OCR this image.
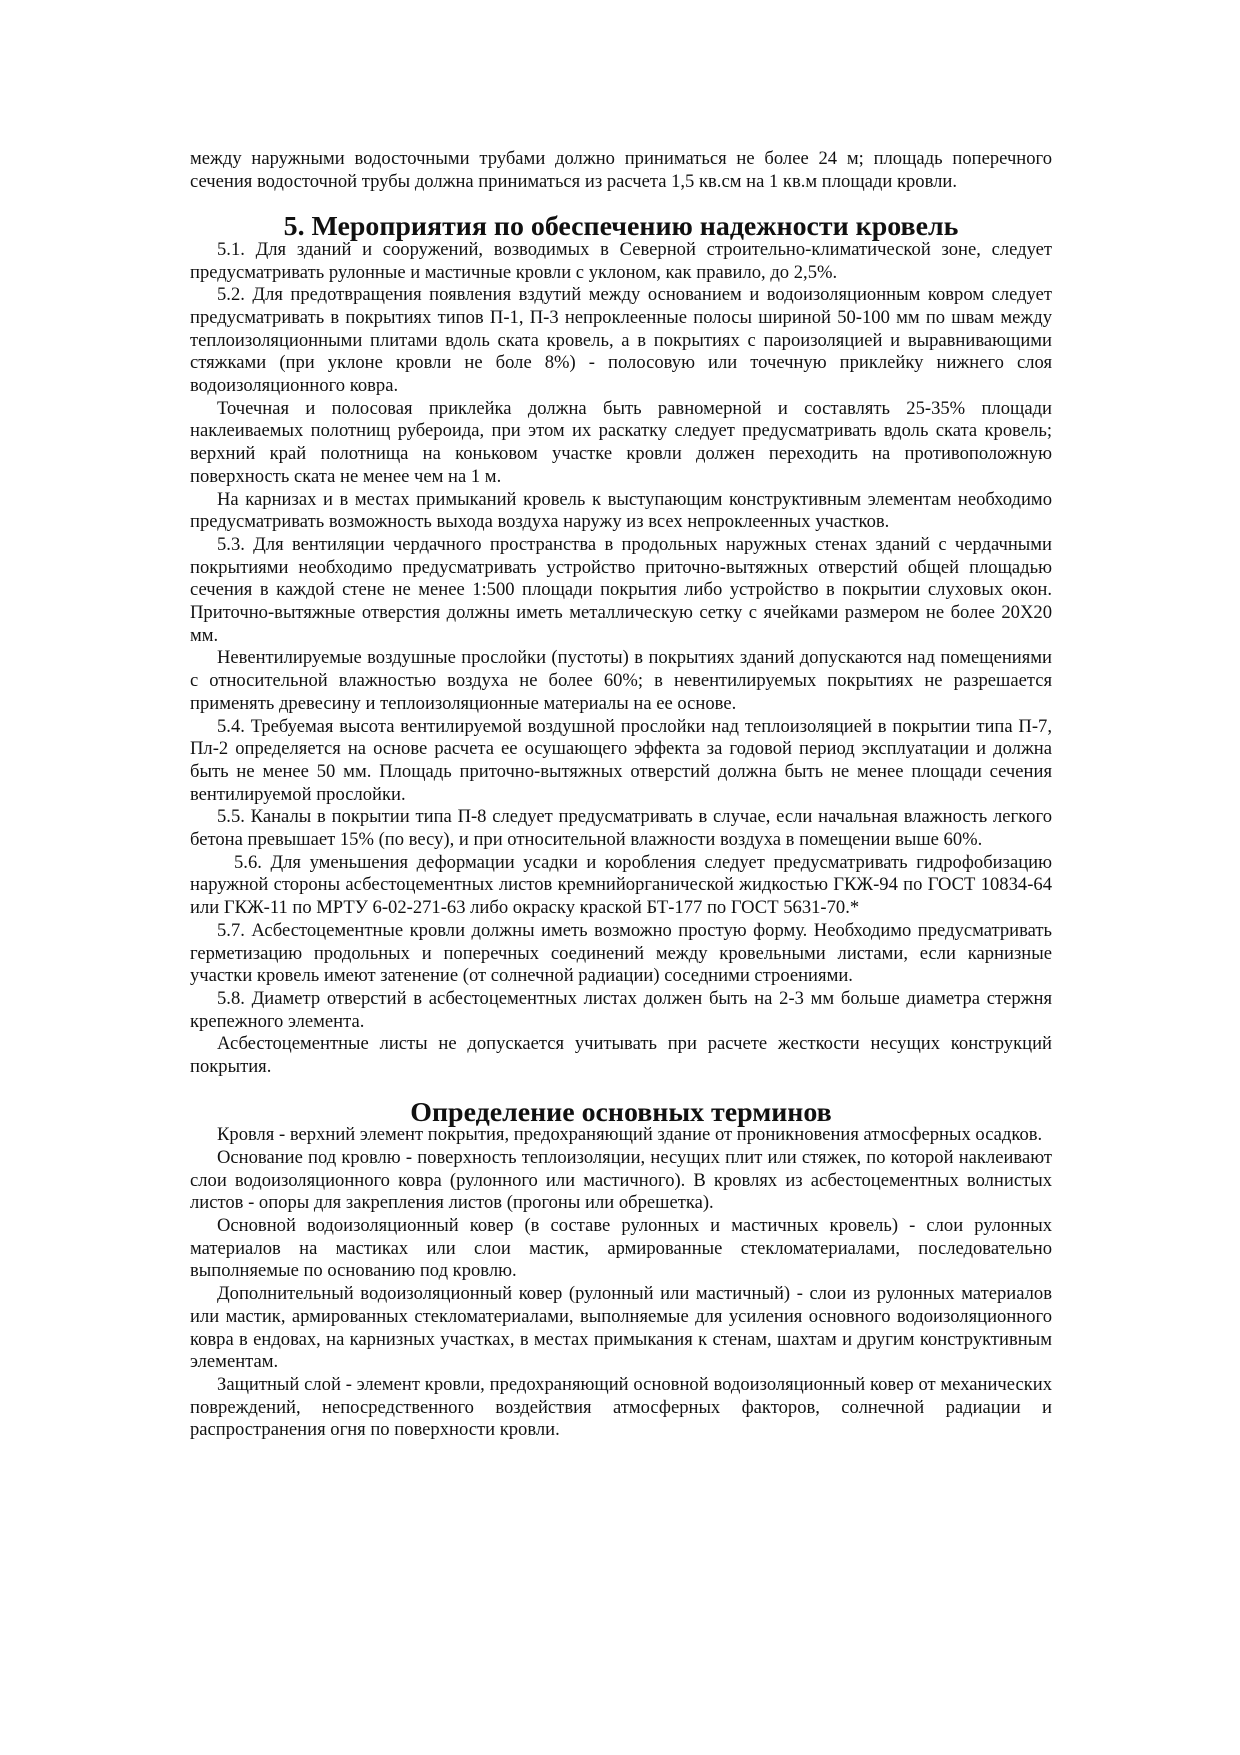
между наружными водосточными трубами должно приниматься не более 24 м; площадь поперечного сечения водосточной трубы должна приниматься из расчета 1,5 кв.см на 1 кв.м площади кровли.

5. Мероприятия по обеспечению надежности кровель

5.1. Для зданий и сооружений, возводимых в Северной строительно-климатической зоне, следует предусматривать рулонные и мастичные кровли с уклоном, как правило, до 2,5%.

5.2. Для предотвращения появления вздутий между основанием и водоизоляционным ковром следует предусматривать в покрытиях типов П-1, П-3 непроклеенные полосы шириной 50-100 мм по швам между теплоизоляционными плитами вдоль ската кровель, а в покрытиях с пароизоляцией и выравнивающими стяжками (при уклоне кровли не боле 8%) - полосовую или точечную приклейку нижнего слоя водоизоляционного ковра.

Точечная и полосовая приклейка должна быть равномерной и составлять 25-35% площади наклеиваемых полотнищ рубероида, при этом их раскатку следует предусматривать вдоль ската кровель; верхний край полотнища на коньковом участке кровли должен переходить на противоположную поверхность ската не менее чем на 1 м.

На карнизах и в местах примыканий кровель к выступающим конструктивным элементам необходимо предусматривать возможность выхода воздуха наружу из всех непроклеенных участков.

5.3. Для вентиляции чердачного пространства в продольных наружных стенах зданий с чердачными покрытиями необходимо предусматривать устройство приточно-вытяжных отверстий общей площадью сечения в каждой стене не менее 1:500 площади покрытия либо устройство в покрытии слуховых окон. Приточно-вытяжные отверстия должны иметь металлическую сетку с ячейками размером не более 20Х20 мм.

Невентилируемые воздушные прослойки (пустоты) в покрытиях зданий допускаются над помещениями с относительной влажностью воздуха не более 60%; в невентилируемых покрытиях не разрешается применять древесину и теплоизоляционные материалы на ее основе.

5.4. Требуемая высота вентилируемой воздушной прослойки над теплоизоляцией в покрытии типа П-7, Пл-2 определяется на основе расчета ее осушающего эффекта за годовой период эксплуатации и должна быть не менее 50 мм. Площадь приточно-вытяжных отверстий должна быть не менее площади сечения вентилируемой прослойки.

5.5. Каналы в покрытии типа П-8 следует предусматривать в случае, если начальная влажность легкого бетона превышает 15% (по весу), и при относительной влажности воздуха в помещении выше 60%.

5.6. Для уменьшения деформации усадки и коробления следует предусматривать гидрофобизацию наружной стороны асбестоцементных листов кремнийорганической жидкостью ГКЖ-94 по ГОСТ 10834-64 или ГКЖ-11 по МРТУ 6-02-271-63 либо окраску краской БТ-177 по ГОСТ 5631-70.*

5.7. Асбестоцементные кровли должны иметь возможно простую форму. Необходимо предусматривать герметизацию продольных и поперечных соединений между кровельными листами, если карнизные участки кровель имеют затенение (от солнечной радиации) соседними строениями.

5.8. Диаметр отверстий в асбестоцементных листах должен быть на 2-3 мм больше диаметра стержня крепежного элемента.

Асбестоцементные листы не допускается учитывать при расчете жесткости несущих конструкций покрытия.

Определение основных терминов

Кровля - верхний элемент покрытия, предохраняющий здание от проникновения атмосферных осадков.

Основание под кровлю - поверхность теплоизоляции, несущих плит или стяжек, по которой наклеивают слои водоизоляционного ковра (рулонного или мастичного). В кровлях из асбестоцементных волнистых листов - опоры для закрепления листов (прогоны или обрешетка).

Основной водоизоляционный ковер (в составе рулонных и мастичных кровель) - слои рулонных материалов на мастиках или слои мастик, армированные стекломатериалами, последовательно выполняемые по основанию под кровлю.

Дополнительный водоизоляционный ковер (рулонный или мастичный) - слои из рулонных материалов или мастик, армированных стекломатериалами, выполняемые для усиления основного водоизоляционного ковра в ендовах, на карнизных участках, в местах примыкания к стенам, шахтам и другим конструктивным элементам.

Защитный слой - элемент кровли, предохраняющий основной водоизоляционный ковер от механических повреждений, непосредственного воздействия атмосферных факторов, солнечной радиации и распространения огня по поверхности кровли.
